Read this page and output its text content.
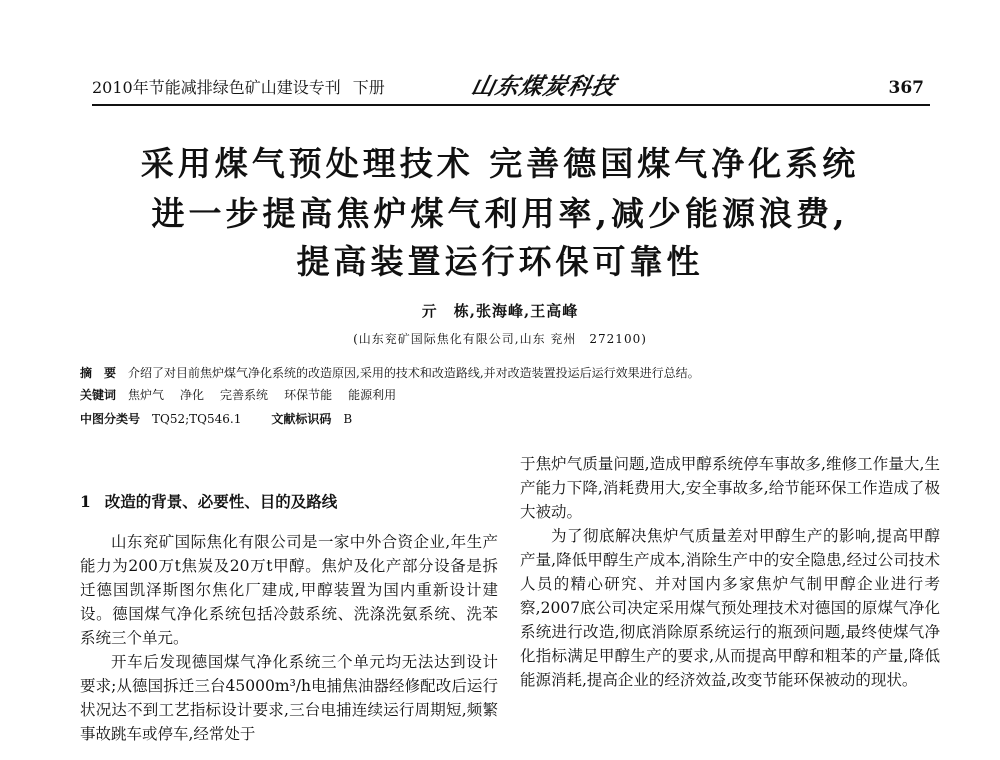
2010年节能减排绿色矿山建设专刊 下册	山东煤炭科技	367
采用煤气预处理技术 完善德国煤气净化系统
进一步提高焦炉煤气利用率,减少能源浪费,
提高装置运行环保可靠性
亓　栋,张海峰,王高峰
(山东兖矿国际焦化有限公司,山东 兖州　272100)
摘　要 介绍了对目前焦炉煤气净化系统的改造原因,采用的技术和改造路线,并对改造装置投运后运行效果进行总结。
关键词 焦炉气 净化 完善系统 环保节能 能源利用
中图分类号 TQ52;TQ546.1	文献标识码 B
1 改造的背景、必要性、目的及路线

山东兖矿国际焦化有限公司是一家中外合资企业,年生产能力为200万t焦炭及20万t甲醇。焦炉及化产部分设备是拆迁德国凯泽斯图尔焦化厂建成,甲醇装置为国内重新设计建设。德国煤气净化系统包括冷鼓系统、洗涤洗氨系统、洗苯系统三个单元。

开车后发现德国煤气净化系统三个单元均无法达到设计要求;从德国拆迁三台45000m³/h电捕焦油器经修配改后运行状况达不到工艺指标设计要求,三台电捕连续运行周期短,频繁事故跳车或停车,经常处于

于焦炉气质量问题,造成甲醇系统停车事故多,维修工作量大,生产能力下降,消耗费用大,安全事故多,给节能环保工作造成了极大被动。

为了彻底解决焦炉气质量差对甲醇生产的影响,提高甲醇产量,降低甲醇生产成本,消除生产中的安全隐患,经过公司技术人员的精心研究、并对国内多家焦炉气制甲醇企业进行考察,2007底公司决定采用煤气预处理技术对德国的原煤气净化系统进行改造,彻底消除原系统运行的瓶颈问题,最终使煤气净化指标满足甲醇生产的要求,从而提高甲醇和粗苯的产量,降低能源消耗,提高企业的经济效益,改变节能环保被动的现状。
